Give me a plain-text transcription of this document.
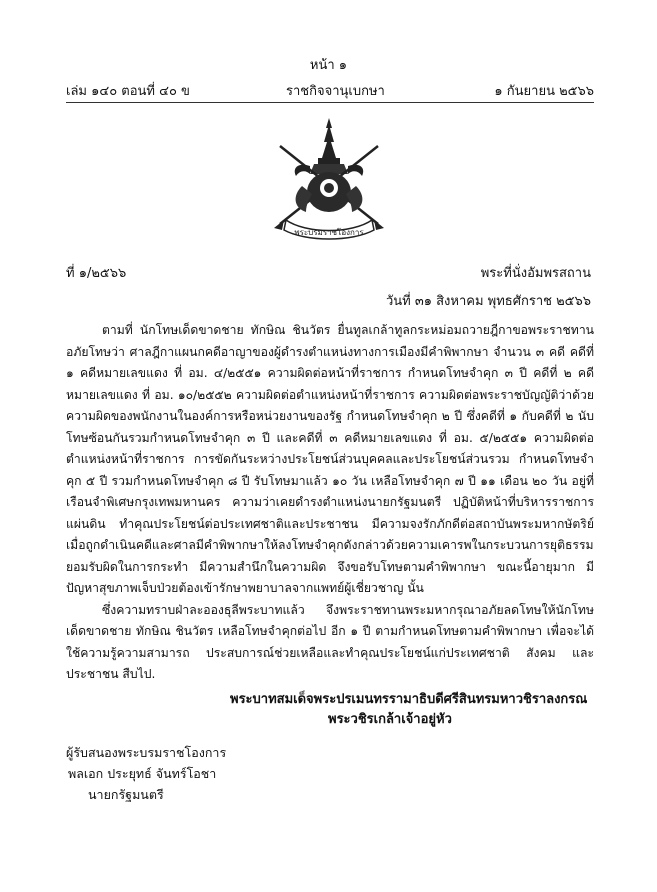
หน้า ๑
เล่ม ๑๔๐ ตอนที่ ๔๐ ข	ราชกิจจานุเบกษา	๑ กันยายน ๒๕๖๖
พระบรมราชโองการ
ที่ ๑/๒๕๖๖	พระที่นั่งอัมพรสถาน
วันที่ ๓๑ สิงหาคม พุทธศักราช ๒๕๖๖

ตามที่ นักโทษเด็ดขาดชาย ทักษิณ ชินวัตร ยื่นทูลเกล้าทูลกระหม่อมถวายฎีกาขอพระราชทานอภัยโทษว่า ศาลฎีกาแผนกคดีอาญาของผู้ดำรงตำแหน่งทางการเมืองมีคำพิพากษา จำนวน ๓ คดี คดีที่ ๑ คดีหมายเลขแดง ที่ อม. ๔/๒๕๕๑ ความผิดต่อหน้าที่ราชการ กำหนดโทษจำคุก ๓ ปี คดีที่ ๒ คดีหมายเลขแดง ที่ อม. ๑๐/๒๕๕๒ ความผิดต่อตำแหน่งหน้าที่ราชการ ความผิดต่อพระราชบัญญัติว่าด้วยความผิดของพนักงานในองค์การหรือหน่วยงานของรัฐ กำหนดโทษจำคุก ๒ ปี ซึ่งคดีที่ ๑ กับคดีที่ ๒ นับโทษซ้อนกันรวมกำหนดโทษจำคุก ๓ ปี และคดีที่ ๓ คดีหมายเลขแดง ที่ อม. ๕/๒๕๕๑ ความผิดต่อตำแหน่งหน้าที่ราชการ การขัดกันระหว่างประโยชน์ส่วนบุคคลและประโยชน์ส่วนรวม กำหนดโทษจำคุก ๕ ปี รวมกำหนดโทษจำคุก ๘ ปี รับโทษมาแล้ว ๑๐ วัน เหลือโทษจำคุก ๗ ปี ๑๑ เดือน ๒๐ วัน อยู่ที่เรือนจำพิเศษกรุงเทพมหานคร ความว่าเคยดำรงตำแหน่งนายกรัฐมนตรี ปฏิบัติหน้าที่บริหารราชการแผ่นดิน ทำคุณประโยชน์ต่อประเทศชาติและประชาชน มีความจงรักภักดีต่อสถาบันพระมหากษัตริย์ เมื่อถูกดำเนินคดีและศาลมีคำพิพากษาให้ลงโทษจำคุกดังกล่าวด้วยความเคารพในกระบวนการยุติธรรม ยอมรับผิดในการกระทำ มีความสำนึกในความผิด จึงขอรับโทษตามคำพิพากษา ขณะนี้อายุมาก มีปัญหาสุขภาพเจ็บป่วยต้องเข้ารักษาพยาบาลจากแพทย์ผู้เชี่ยวชาญ นั้น

ซึ่งความทราบฝ่าละอองธุลีพระบาทแล้ว จึงพระราชทานพระมหากรุณาอภัยลดโทษให้นักโทษเด็ดขาดชาย ทักษิณ ชินวัตร เหลือโทษจำคุกต่อไป อีก ๑ ปี ตามกำหนดโทษตามคำพิพากษา เพื่อจะได้ใช้ความรู้ความสามารถ ประสบการณ์ช่วยเหลือและทำคุณประโยชน์แก่ประเทศชาติ สังคม และประชาชน สืบไป.

พระบาทสมเด็จพระปรเมนทรรามาธิบดีศรีสินทรมหาวชิราลงกรณ
พระวชิรเกล้าเจ้าอยู่หัว
ผู้รับสนองพระบรมราชโองการ
พลเอก ประยุทธ์ จันทร์โอชา
นายกรัฐมนตรี
